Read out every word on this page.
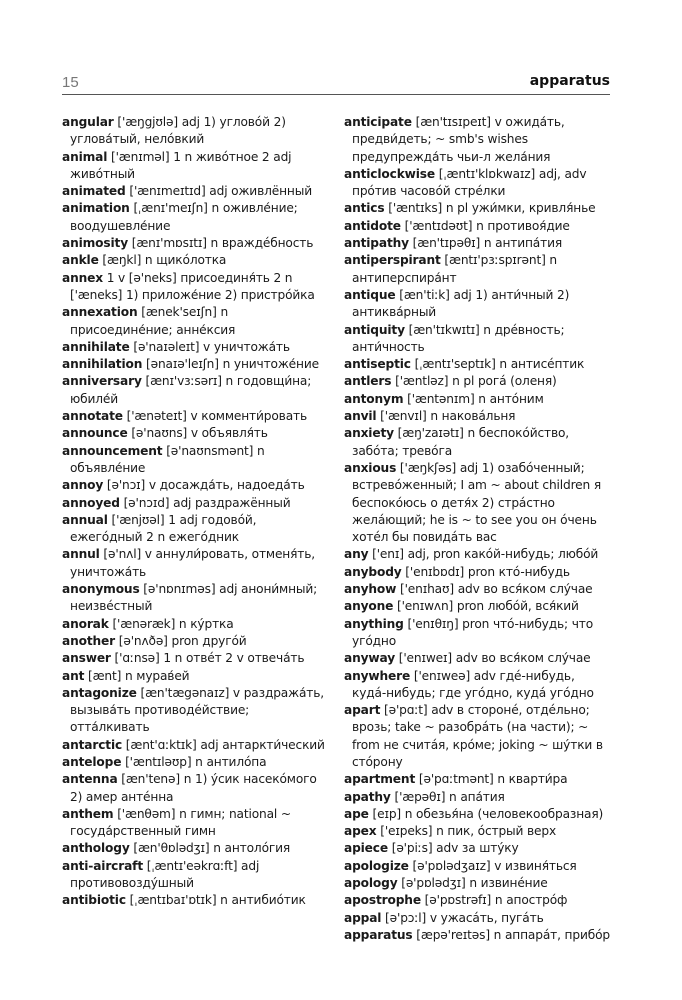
15	apparatus

angular ['æŋgjʊlə] adj 1) угловóй 2) углова́тый, нелóвкий

animal ['ænɪməl] 1 n живóтное 2 adj живóтный

animated ['ænɪmeɪtɪd] adj оживлённый

animation [ˌænɪ'meɪʃn] n оживле́ние; воодушевле́ние

animosity [ænɪ'mɒsɪtɪ] n враждéбность

ankle [æŋkl] n щикóлотка

annex 1 v [ə'neks] присоединя́ть 2 n ['æneks] 1) приложе́ние 2) пристрóйка

annexation [ænek'seɪʃn] n присоедине́ние; анне́ксия

annihilate [ə'naɪəleɪt] v уничтожа́ть

annihilation [ənaɪə'leɪʃn] n уничтоже́ние

anniversary [ænɪ'vɜːsərɪ] n годовщи́на; юбиле́й

annotate ['ænəteɪt] v комменти́ровать

announce [ə'naʊns] v объявля́ть

announcement [ə'naʊnsmənt] n объявле́ние

annoy [ə'nɔɪ] v досажда́ть, надоеда́ть

annoyed [ə'nɔɪd] adj раздражённый

annual ['ænjʊəl] 1 adj годовóй, ежегóдный 2 n ежегóдник

annul [ə'nʌl] v аннули́ровать, отменя́ть, уничтожа́ть

anonymous [ə'nɒnɪməs] adj анони́мный; неизвéстный

anorak ['ænəræk] n кýртка

another [ə'nʌðə] pron другóй

answer ['ɑːnsə] 1 n отвéт 2 v отвеча́ть

ant [ænt] n мурав́ей

antagonize [æn'tægənaɪz] v раздража́ть, вызыва́ть противодéйствие; отта́лкивать

antarctic [ænt'ɑːktɪk] adj антаркти́ческий

antelope ['æntɪləʊp] n антилóпа

antenna [æn'tenə] n 1) ýсик насекóмого 2) амер антéнна

anthem ['ænθəm] n гимн; national ~ госуда́рственный гимн

anthology [æn'θɒlədʒɪ] n антолóгия

anti-aircraft [ˌæntɪ'eəkrɑːft] adj противовоздýшный

antibiotic [ˌæntɪbaɪ'ɒtɪk] n антибиóтик

anticipate [æn'tɪsɪpeɪt] v ожида́ть, предви́деть; ~ smb's wishes предупрежда́ть чьи-л жела́ния

anticlockwise [ˌæntɪ'klɒkwaɪz] adj, adv прóтив часовóй стрéлки

antics ['æntɪks] n pl ужи́мки, кривля́нье

antidote ['æntɪdəʊt] n противоя́дие

antipathy [æn'tɪpəθɪ] n антипа́тия

antiperspirant [æntɪ'pɜːspɪrənt] n антиперспира́нт

antique [æn'tiːk] adj 1) анти́чный 2) антиква́рный

antiquity [æn'tɪkwɪtɪ] n дрéвность; анти́чность

antiseptic [ˌæntɪ'septɪk] n антисéптик

antlers ['æntləz] n pl рогá (оленя)

antonym ['æntənɪm] n антóним

anvil ['ænvɪl] n наковáльня

anxiety [æŋ'zaɪətɪ] n беспокóйство, забóта; тревóга

anxious ['æŋkʃəs] adj 1) озабóченный; встревóженный; I am ~ about children я беспокóюсь о детя́х 2) стрáстно желáющий; he is ~ to see you он óчень хотéл бы повидáть вас

any ['enɪ] adj, pron какóй-нибудь; любóй

anybody ['enɪbɒdɪ] pron ктó-нибудь

anyhow ['enɪhaʊ] adv во вся́ком слу́чае

anyone ['enɪwʌn] pron любóй, вся́кий

anything ['enɪθɪŋ] pron чтó-нибудь; что угóдно

anyway ['enɪweɪ] adv во вся́ком слу́чае

anywhere ['enɪweə] adv гдé-нибудь, кудá-нибудь; где угóдно, кудá угóдно

apart [ə'pɑːt] adv в сторонé, отдéльно; врозь; take ~ разобрáть (на части); ~ from не считáя, крóме; joking ~ шýтки в стóрону

apartment [ə'pɑːtmənt] n кварти́ра

apathy ['æpəθɪ] n апа́тия

ape [eɪp] n обезья́на (человекообразная)

apex ['eɪpeks] n пик, óстрый верх

apiece [ə'piːs] adv за штýку

apologize [ə'pɒlədʒaɪz] v извиня́ться

apology [ə'pɒlədʒɪ] n извинéние

apostrophe [ə'pɒstrəfɪ] n апострóф

appal [ə'pɔːl] v ужасáть, пугáть

apparatus [æpə'reɪtəs] n аппарáт, прибóр
